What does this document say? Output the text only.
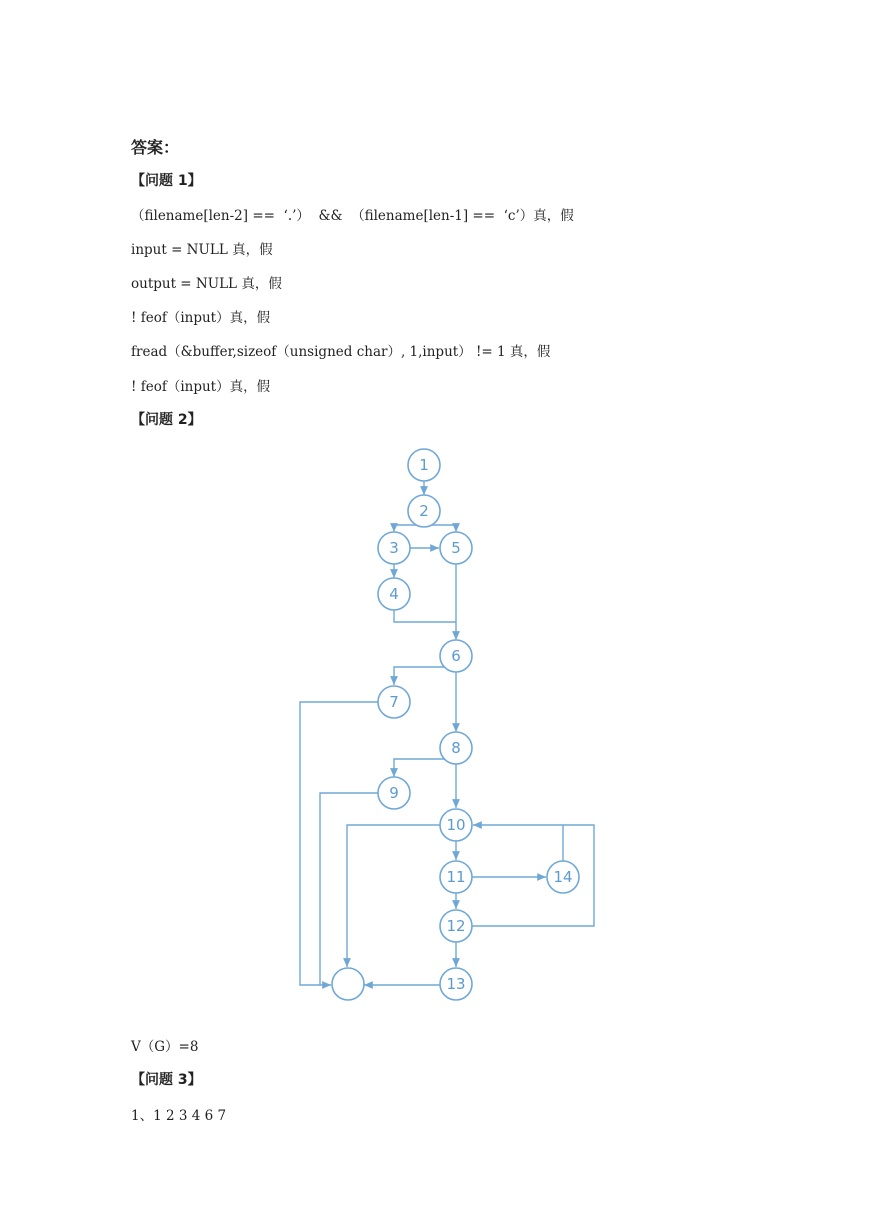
答案：
【问题 1】
（filename[len-2] ==  ‘.’）  &&  （filename[len-1] ==  ‘c’）真，假
input = NULL 真，假
output = NULL 真，假
! feof（input）真，假
fread（&buffer,sizeof（unsigned char）, 1,input） != 1 真，假
! feof（input）真，假
【问题 2】
1
2
3
4
5
6
7
8
9
10
11
12
13
14
V（G）=8
【问题 3】
1、1 2 3 4 6 7
